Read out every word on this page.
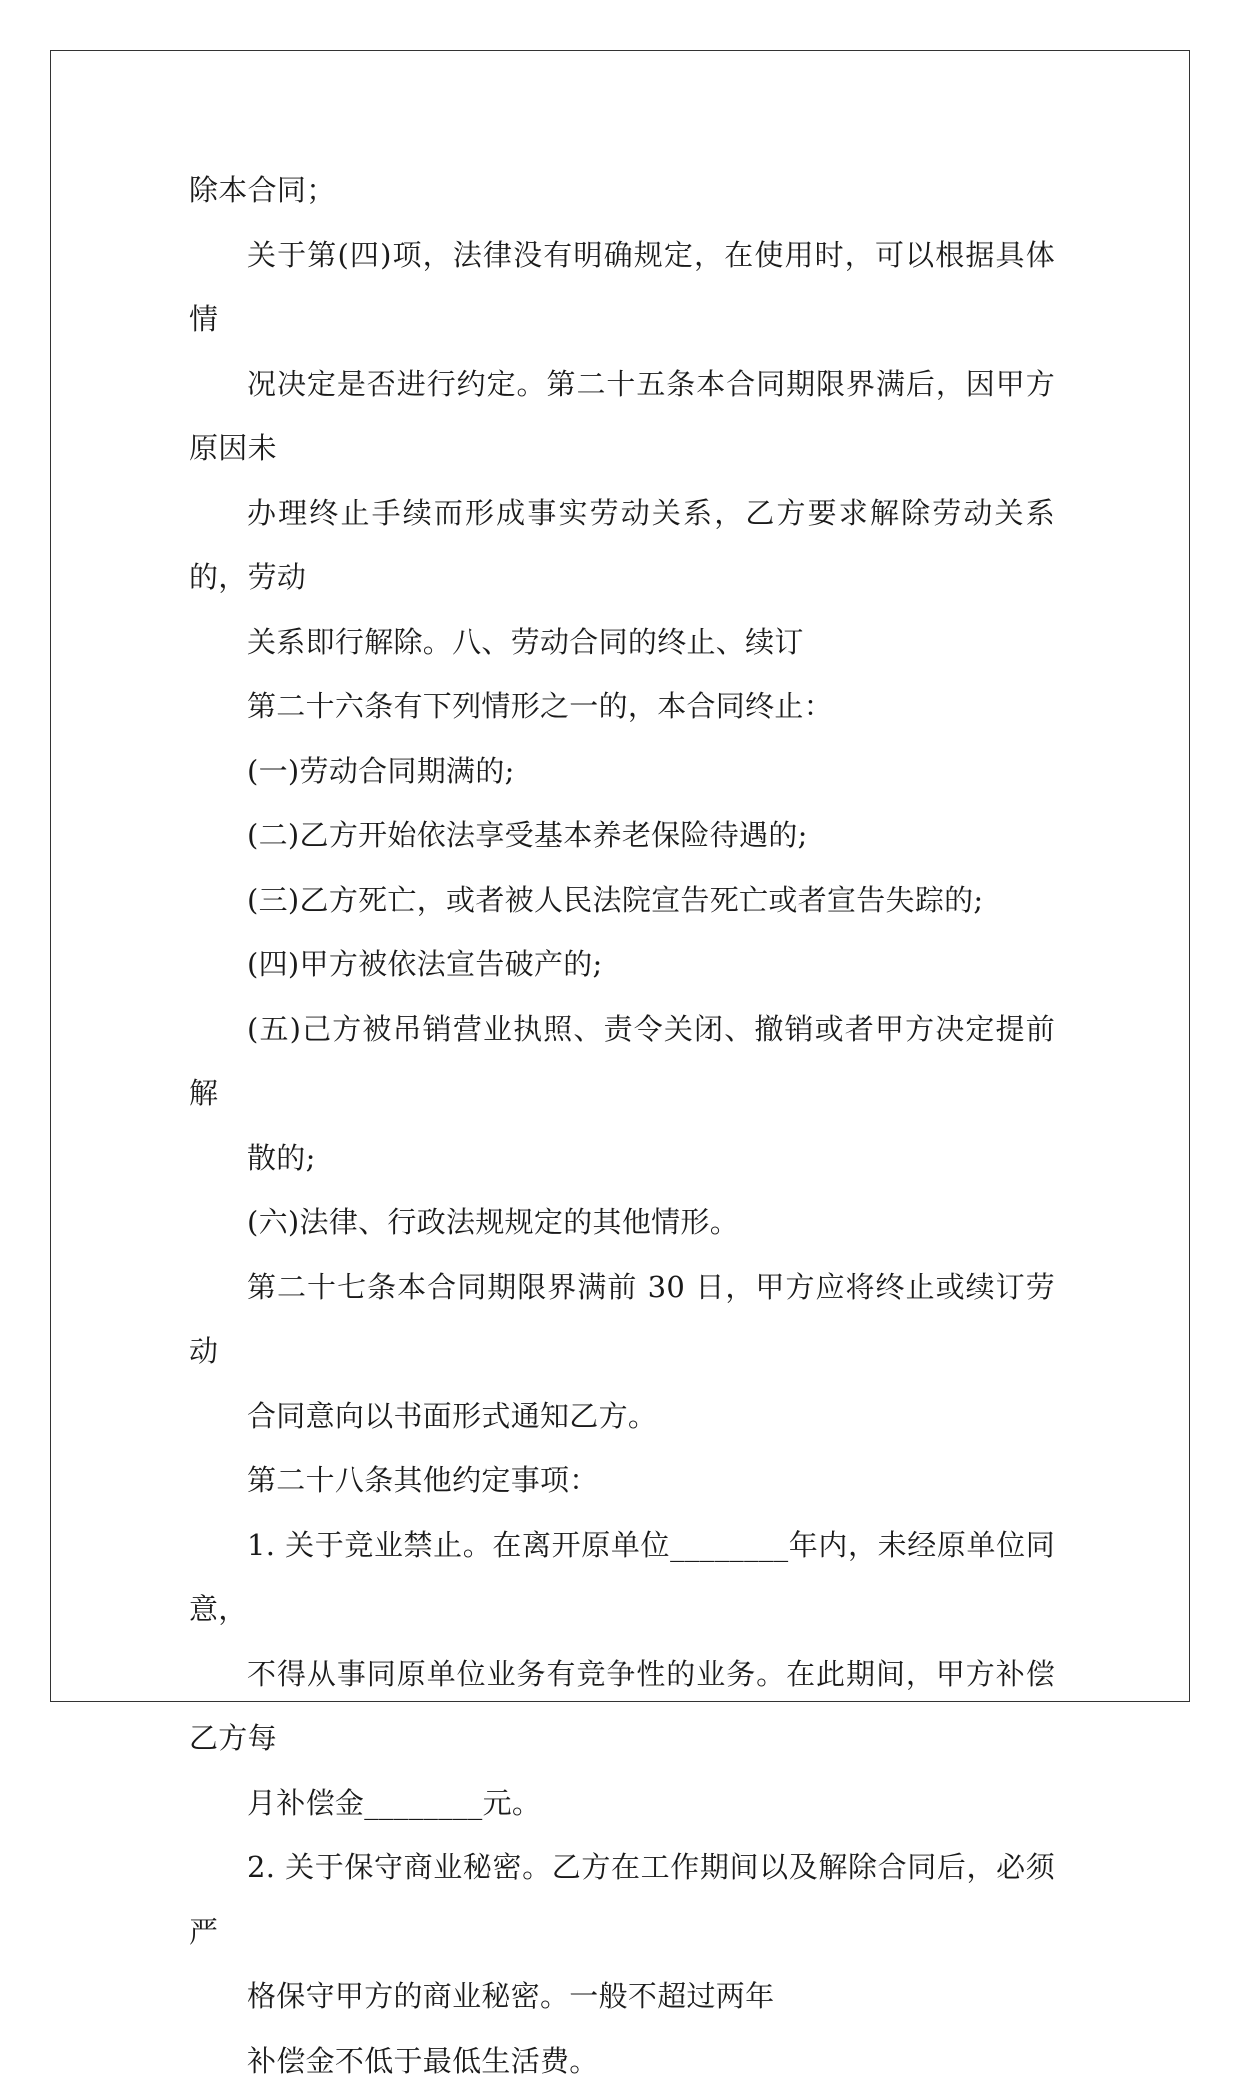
除本合同；

关于第(四)项，法律没有明确规定，在使用时，可以根据具体情
况决定是否进行约定。第二十五条本合同期限界满后，因甲方原因未
办理终止手续而形成事实劳动关系，乙方要求解除劳动关系的，劳动
关系即行解除。八、劳动合同的终止、续订

第二十六条有下列情形之一的，本合同终止：

(一)劳动合同期满的;

(二)乙方开始依法享受基本养老保险待遇的;

(三)乙方死亡，或者被人民法院宣告死亡或者宣告失踪的;

(四)甲方被依法宣告破产的;

(五)己方被吊销营业执照、责令关闭、撤销或者甲方决定提前解
散的;

(六)法律、行政法规规定的其他情形。

第二十七条本合同期限界满前 30 日，甲方应将终止或续订劳动
合同意向以书面形式通知乙方。

第二十八条其他约定事项：

1. 关于竞业禁止。在离开原单位________年内，未经原单位同意，
不得从事同原单位业务有竞争性的业务。在此期间，甲方补偿乙方每
月补偿金________元。

2. 关于保守商业秘密。乙方在工作期间以及解除合同后，必须严
格保守甲方的商业秘密。一般不超过两年

补偿金不低于最低生活费。
